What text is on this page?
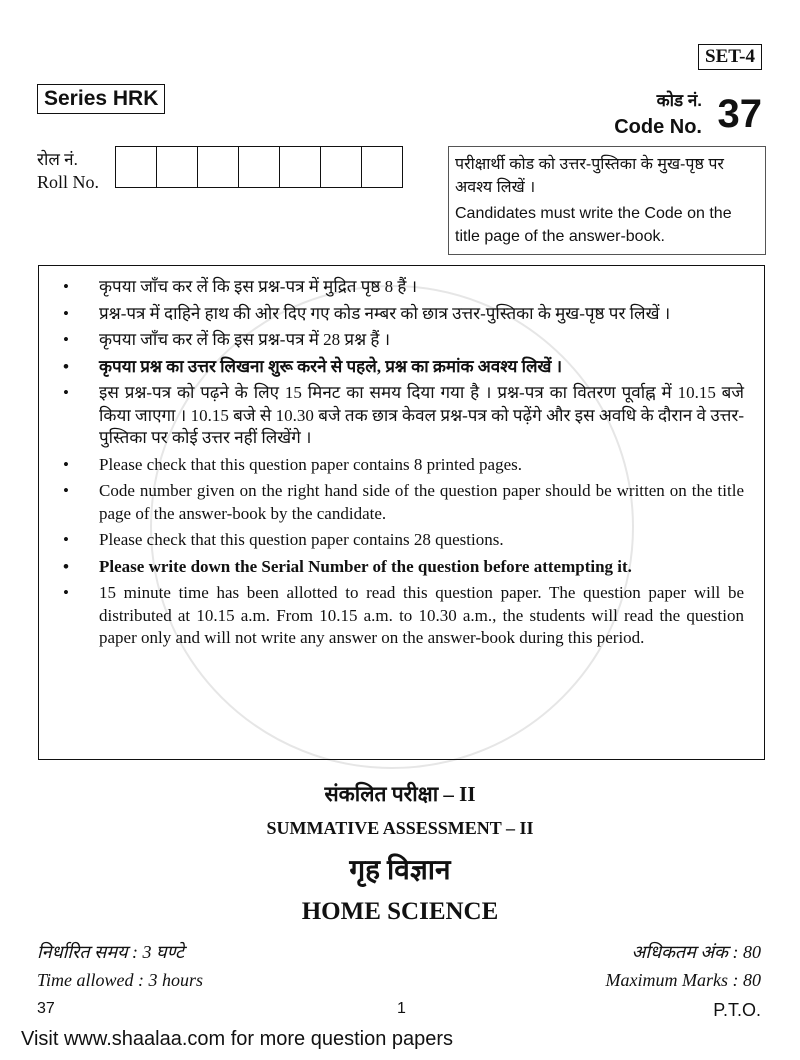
SET-4
Series HRK	कोड नं.
Code No. 37
रोल नं.
Roll No.
परीक्षार्थी कोड को उत्तर-पुस्तिका के मुख-पृष्ठ पर अवश्य लिखें ।
Candidates must write the Code on the title page of the answer-book.
•	कृपया जाँच कर लें कि इस प्रश्न-पत्र में मुद्रित पृष्ठ 8 हैं ।
•	प्रश्न-पत्र में दाहिने हाथ की ओर दिए गए कोड नम्बर को छात्र उत्तर-पुस्तिका के मुख-पृष्ठ पर लिखें ।
•	कृपया जाँच कर लें कि इस प्रश्न-पत्र में 28 प्रश्न हैं ।
•	कृपया प्रश्न का उत्तर लिखना शुरू करने से पहले, प्रश्न का क्रमांक अवश्य लिखें ।
•	इस प्रश्न-पत्र को पढ़ने के लिए 15 मिनट का समय दिया गया है । प्रश्न-पत्र का वितरण पूर्वाह्न में 10.15 बजे किया जाएगा । 10.15 बजे से 10.30 बजे तक छात्र केवल प्रश्न-पत्र को पढ़ेंगे और इस अवधि के दौरान वे उत्तर-पुस्तिका पर कोई उत्तर नहीं लिखेंगे ।
•	Please check that this question paper contains 8 printed pages.
•	Code number given on the right hand side of the question paper should be written on the title page of the answer-book by the candidate.
•	Please check that this question paper contains 28 questions.
•	Please write down the Serial Number of the question before attempting it.
•	15 minute time has been allotted to read this question paper. The question paper will be distributed at 10.15 a.m. From 10.15 a.m. to 10.30 a.m., the students will read the question paper only and will not write any answer on the answer-book during this period.
संकलित परीक्षा – II
SUMMATIVE ASSESSMENT – II
गृह विज्ञान
HOME SCIENCE
निर्धारित समय : 3 घण्टे
Time allowed : 3 hours
अधिकतम अंक : 80
Maximum Marks : 80
37	1	P.T.O.
Visit www.shaalaa.com for more question papers
